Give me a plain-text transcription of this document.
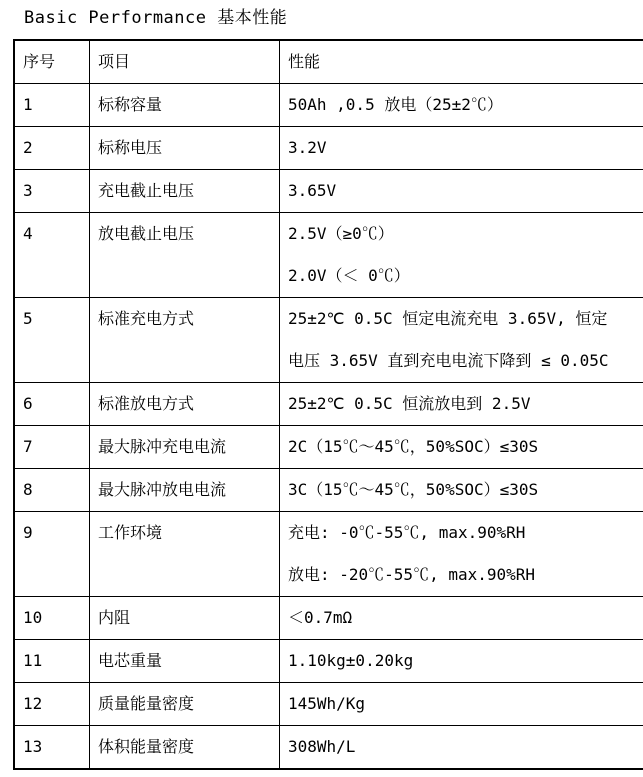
Basic Performance 基本性能
序号	项目	性能
1	标称容量	50Ah ,0.5 放电（25±2℃）

2	标称电压	3.2V

3	充电截止电压	3.65V

4	放电截止电压	2.5V（≥0℃）
2.0V（＜ 0℃）

5	标准充电方式	25±2℃ 0.5C 恒定电流充电 3.65V, 恒定
电压 3.65V 直到充电电流下降到 ≤ 0.05C

6	标准放电方式	25±2℃ 0.5C 恒流放电到 2.5V

7	最大脉冲充电电流	2C（15℃～45℃，50%SOC）≤30S

8	最大脉冲放电电流	3C（15℃～45℃，50%SOC）≤30S

9	工作环境	充电: -0℃-55℃, max.90%RH
放电: -20℃-55℃, max.90%RH

10	内阻	＜0.7mΩ

11	电芯重量	1.10kg±0.20kg

12	质量能量密度	145Wh/Kg

13	体积能量密度	308Wh/L
